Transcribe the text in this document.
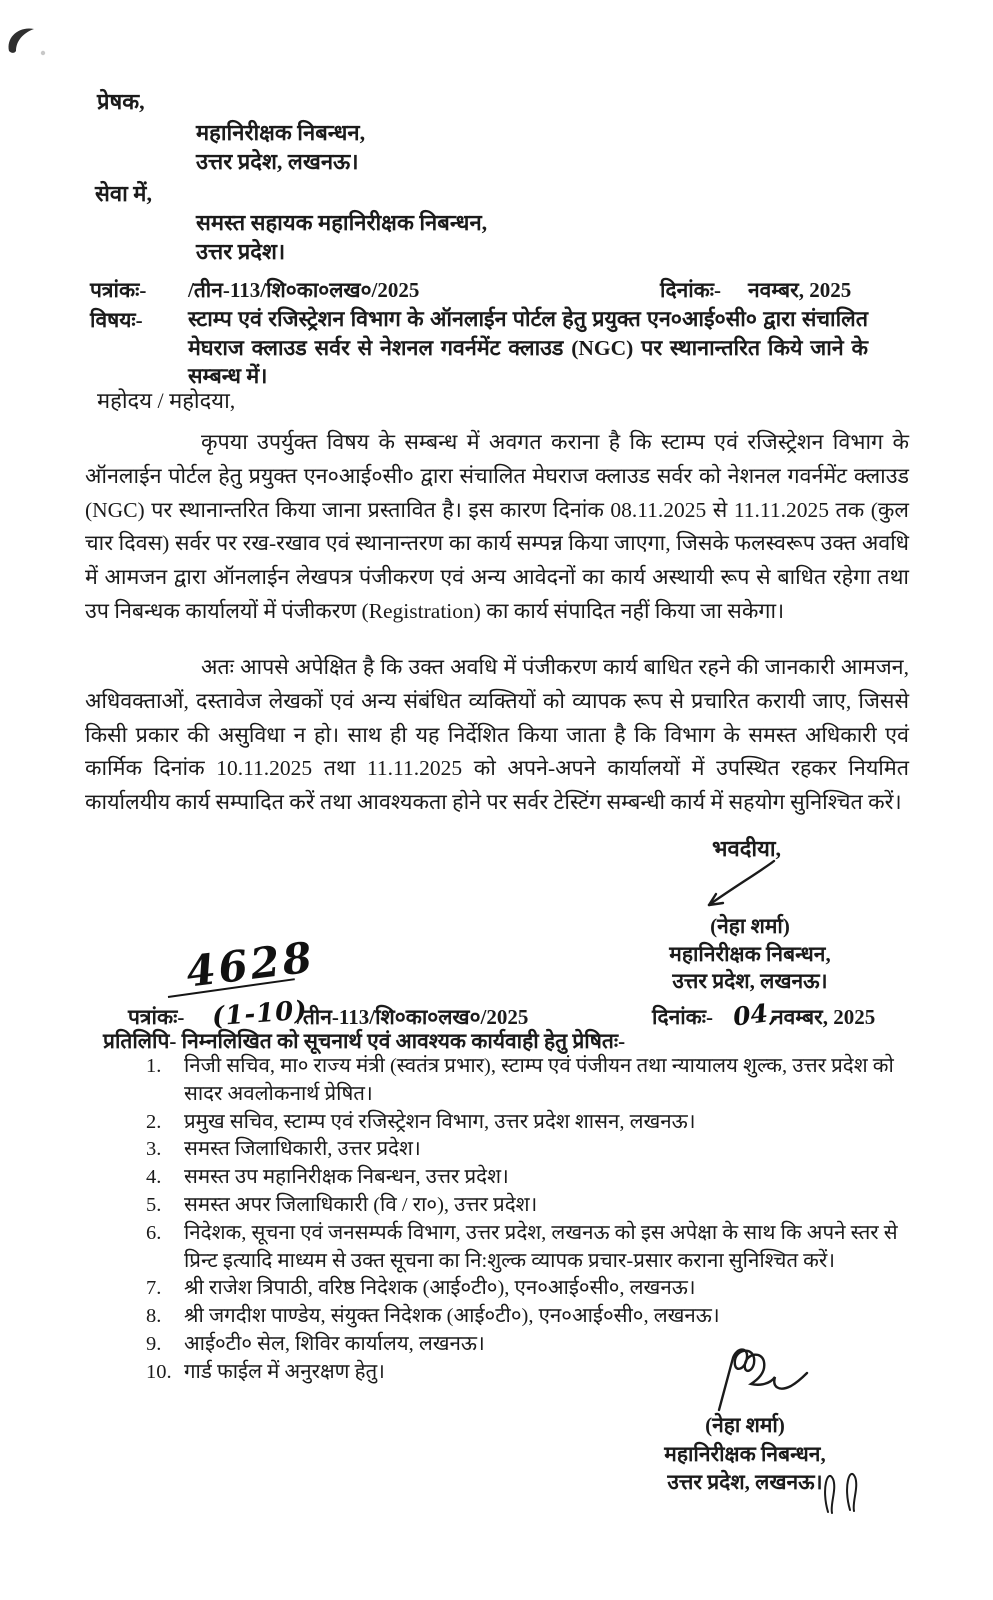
प्रेषक,
महानिरीक्षक निबन्धन,
उत्तर प्रदेश, लखनऊ।
सेवा में,
समस्त सहायक महानिरीक्षक निबन्धन,
उत्तर प्रदेश।
पत्रांकः- /तीन-113/शि०का०लख०/2025	दिनांकः- नवम्बर, 2025
विषयः- स्टाम्प एवं रजिस्ट्रेशन विभाग के ऑनलाईन पोर्टल हेतु प्रयुक्त एन०आई०सी० द्वारा संचालित मेघराज क्लाउड सर्वर से नेशनल गवर्नमेंट क्लाउड (NGC) पर स्थानान्तरित किये जाने के सम्बन्ध में।
महोदय / महोदया,
कृपया उपर्युक्त विषय के सम्बन्ध में अवगत कराना है कि स्टाम्प एवं रजिस्ट्रेशन विभाग के ऑनलाईन पोर्टल हेतु प्रयुक्त एन०आई०सी० द्वारा संचालित मेघराज क्लाउड सर्वर को नेशनल गवर्नमेंट क्लाउड (NGC) पर स्थानान्तरित किया जाना प्रस्तावित है। इस कारण दिनांक 08.11.2025 से 11.11.2025 तक (कुल चार दिवस) सर्वर पर रख-रखाव एवं स्थानान्तरण का कार्य सम्पन्न किया जाएगा, जिसके फलस्वरूप उक्त अवधि में आमजन द्वारा ऑनलाईन लेखपत्र पंजीकरण एवं अन्य आवेदनों का कार्य अस्थायी रूप से बाधित रहेगा तथा उप निबन्धक कार्यालयों में पंजीकरण (Registration) का कार्य संपादित नहीं किया जा सकेगा।
अतः आपसे अपेक्षित है कि उक्त अवधि में पंजीकरण कार्य बाधित रहने की जानकारी आमजन, अधिवक्ताओं, दस्तावेज लेखकों एवं अन्य संबंधित व्यक्तियों को व्यापक रूप से प्रचारित करायी जाए, जिससे किसी प्रकार की असुविधा न हो। साथ ही यह निर्देशित किया जाता है कि विभाग के समस्त अधिकारी एवं कार्मिक दिनांक 10.11.2025 तथा 11.11.2025 को अपने-अपने कार्यालयों में उपस्थित रहकर नियमित कार्यालयीय कार्य सम्पादित करें तथा आवश्यकता होने पर सर्वर टेस्टिंग सम्बन्धी कार्य में सहयोग सुनिश्चित करें।
भवदीया,
(नेहा शर्मा)
महानिरीक्षक निबन्धन,
उत्तर प्रदेश, लखनऊ।
4628
(1-10)
पत्रांकः-	/तीन-113/शि०का०लख०/2025	दिनांकः- 04,
नवम्बर, 2025
प्रतिलिपि- निम्नलिखित को सूचनार्थ एवं आवश्यक कार्यवाही हेतु प्रेषितः-
1.	निजी सचिव, मा० राज्य मंत्री (स्वतंत्र प्रभार), स्टाम्प एवं पंजीयन तथा न्यायालय शुल्क, उत्तर प्रदेश को सादर अवलोकनार्थ प्रेषित।
2.	प्रमुख सचिव, स्टाम्प एवं रजिस्ट्रेशन विभाग, उत्तर प्रदेश शासन, लखनऊ।
3.	समस्त जिलाधिकारी, उत्तर प्रदेश।
4.	समस्त उप महानिरीक्षक निबन्धन, उत्तर प्रदेश।
5.	समस्त अपर जिलाधिकारी (वि / रा०), उत्तर प्रदेश।
6.	निदेशक, सूचना एवं जनसम्पर्क विभाग, उत्तर प्रदेश, लखनऊ को इस अपेक्षा के साथ कि अपने स्तर से प्रिन्ट इत्यादि माध्यम से उक्त सूचना का नि:शुल्क व्यापक प्रचार-प्रसार कराना सुनिश्चित करें।
7.	श्री राजेश त्रिपाठी, वरिष्ठ निदेशक (आई०टी०), एन०आई०सी०, लखनऊ।
8.	श्री जगदीश पाण्डेय, संयुक्त निदेशक (आई०टी०), एन०आई०सी०, लखनऊ।
9.	आई०टी० सेल, शिविर कार्यालय, लखनऊ।
10. गार्ड फाईल में अनुरक्षण हेतु।
(नेहा शर्मा)
महानिरीक्षक निबन्धन,
उत्तर प्रदेश, लखनऊ।
